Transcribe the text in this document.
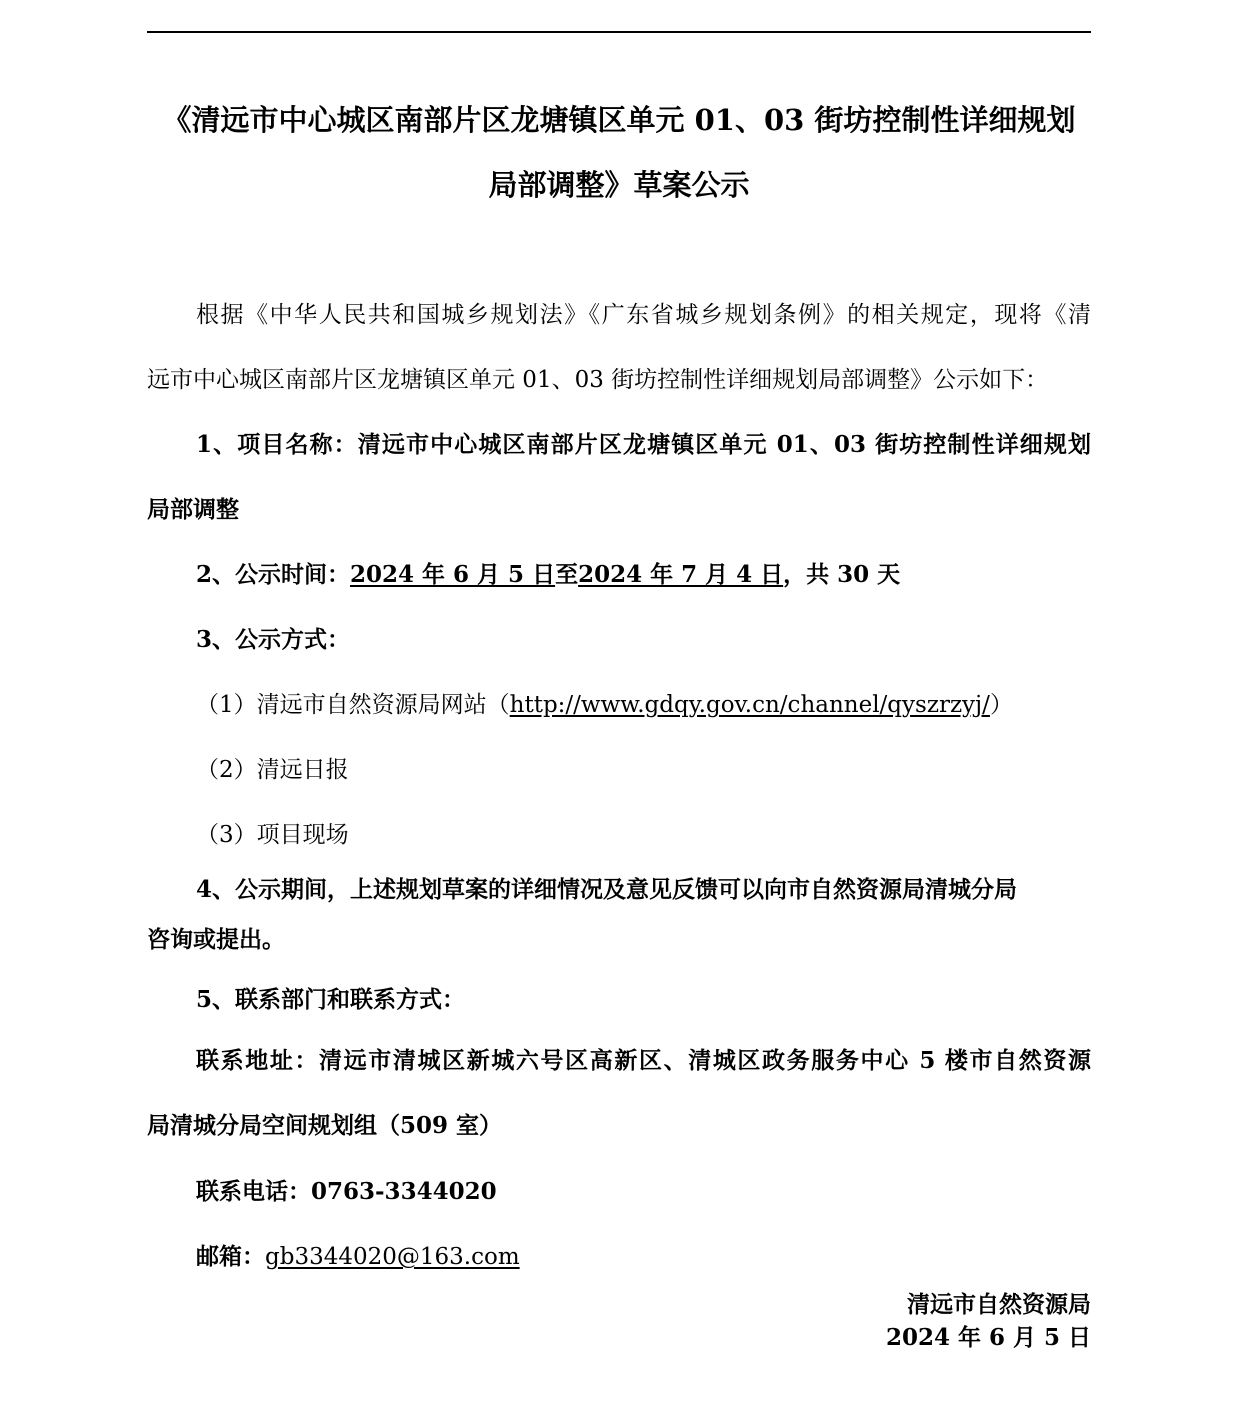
《清远市中心城区南部片区龙塘镇区单元 01、03 街坊控制性详细规划
局部调整》草案公示
根据《中华人民共和国城乡规划法》《广东省城乡规划条例》的相关规定，现将《清
远市中心城区南部片区龙塘镇区单元 01、03 街坊控制性详细规划局部调整》公示如下：
1、项目名称：清远市中心城区南部片区龙塘镇区单元 01、03 街坊控制性详细规划
局部调整
2、公示时间：2024 年 6 月 5 日至2024 年 7 月 4 日，共 30 天
3、公示方式：
（1）清远市自然资源局网站（http://www.gdqy.gov.cn/channel/qyszrzyj/）
（2）清远日报
（3）项目现场
4、公示期间，上述规划草案的详细情况及意见反馈可以向市自然资源局清城分局
咨询或提出。
5、联系部门和联系方式：
联系地址：清远市清城区新城六号区高新区、清城区政务服务中心 5 楼市自然资源
局清城分局空间规划组（509 室）
联系电话：0763-3344020
邮箱：gb3344020@163.com
清远市自然资源局
2024 年 6 月 5 日
